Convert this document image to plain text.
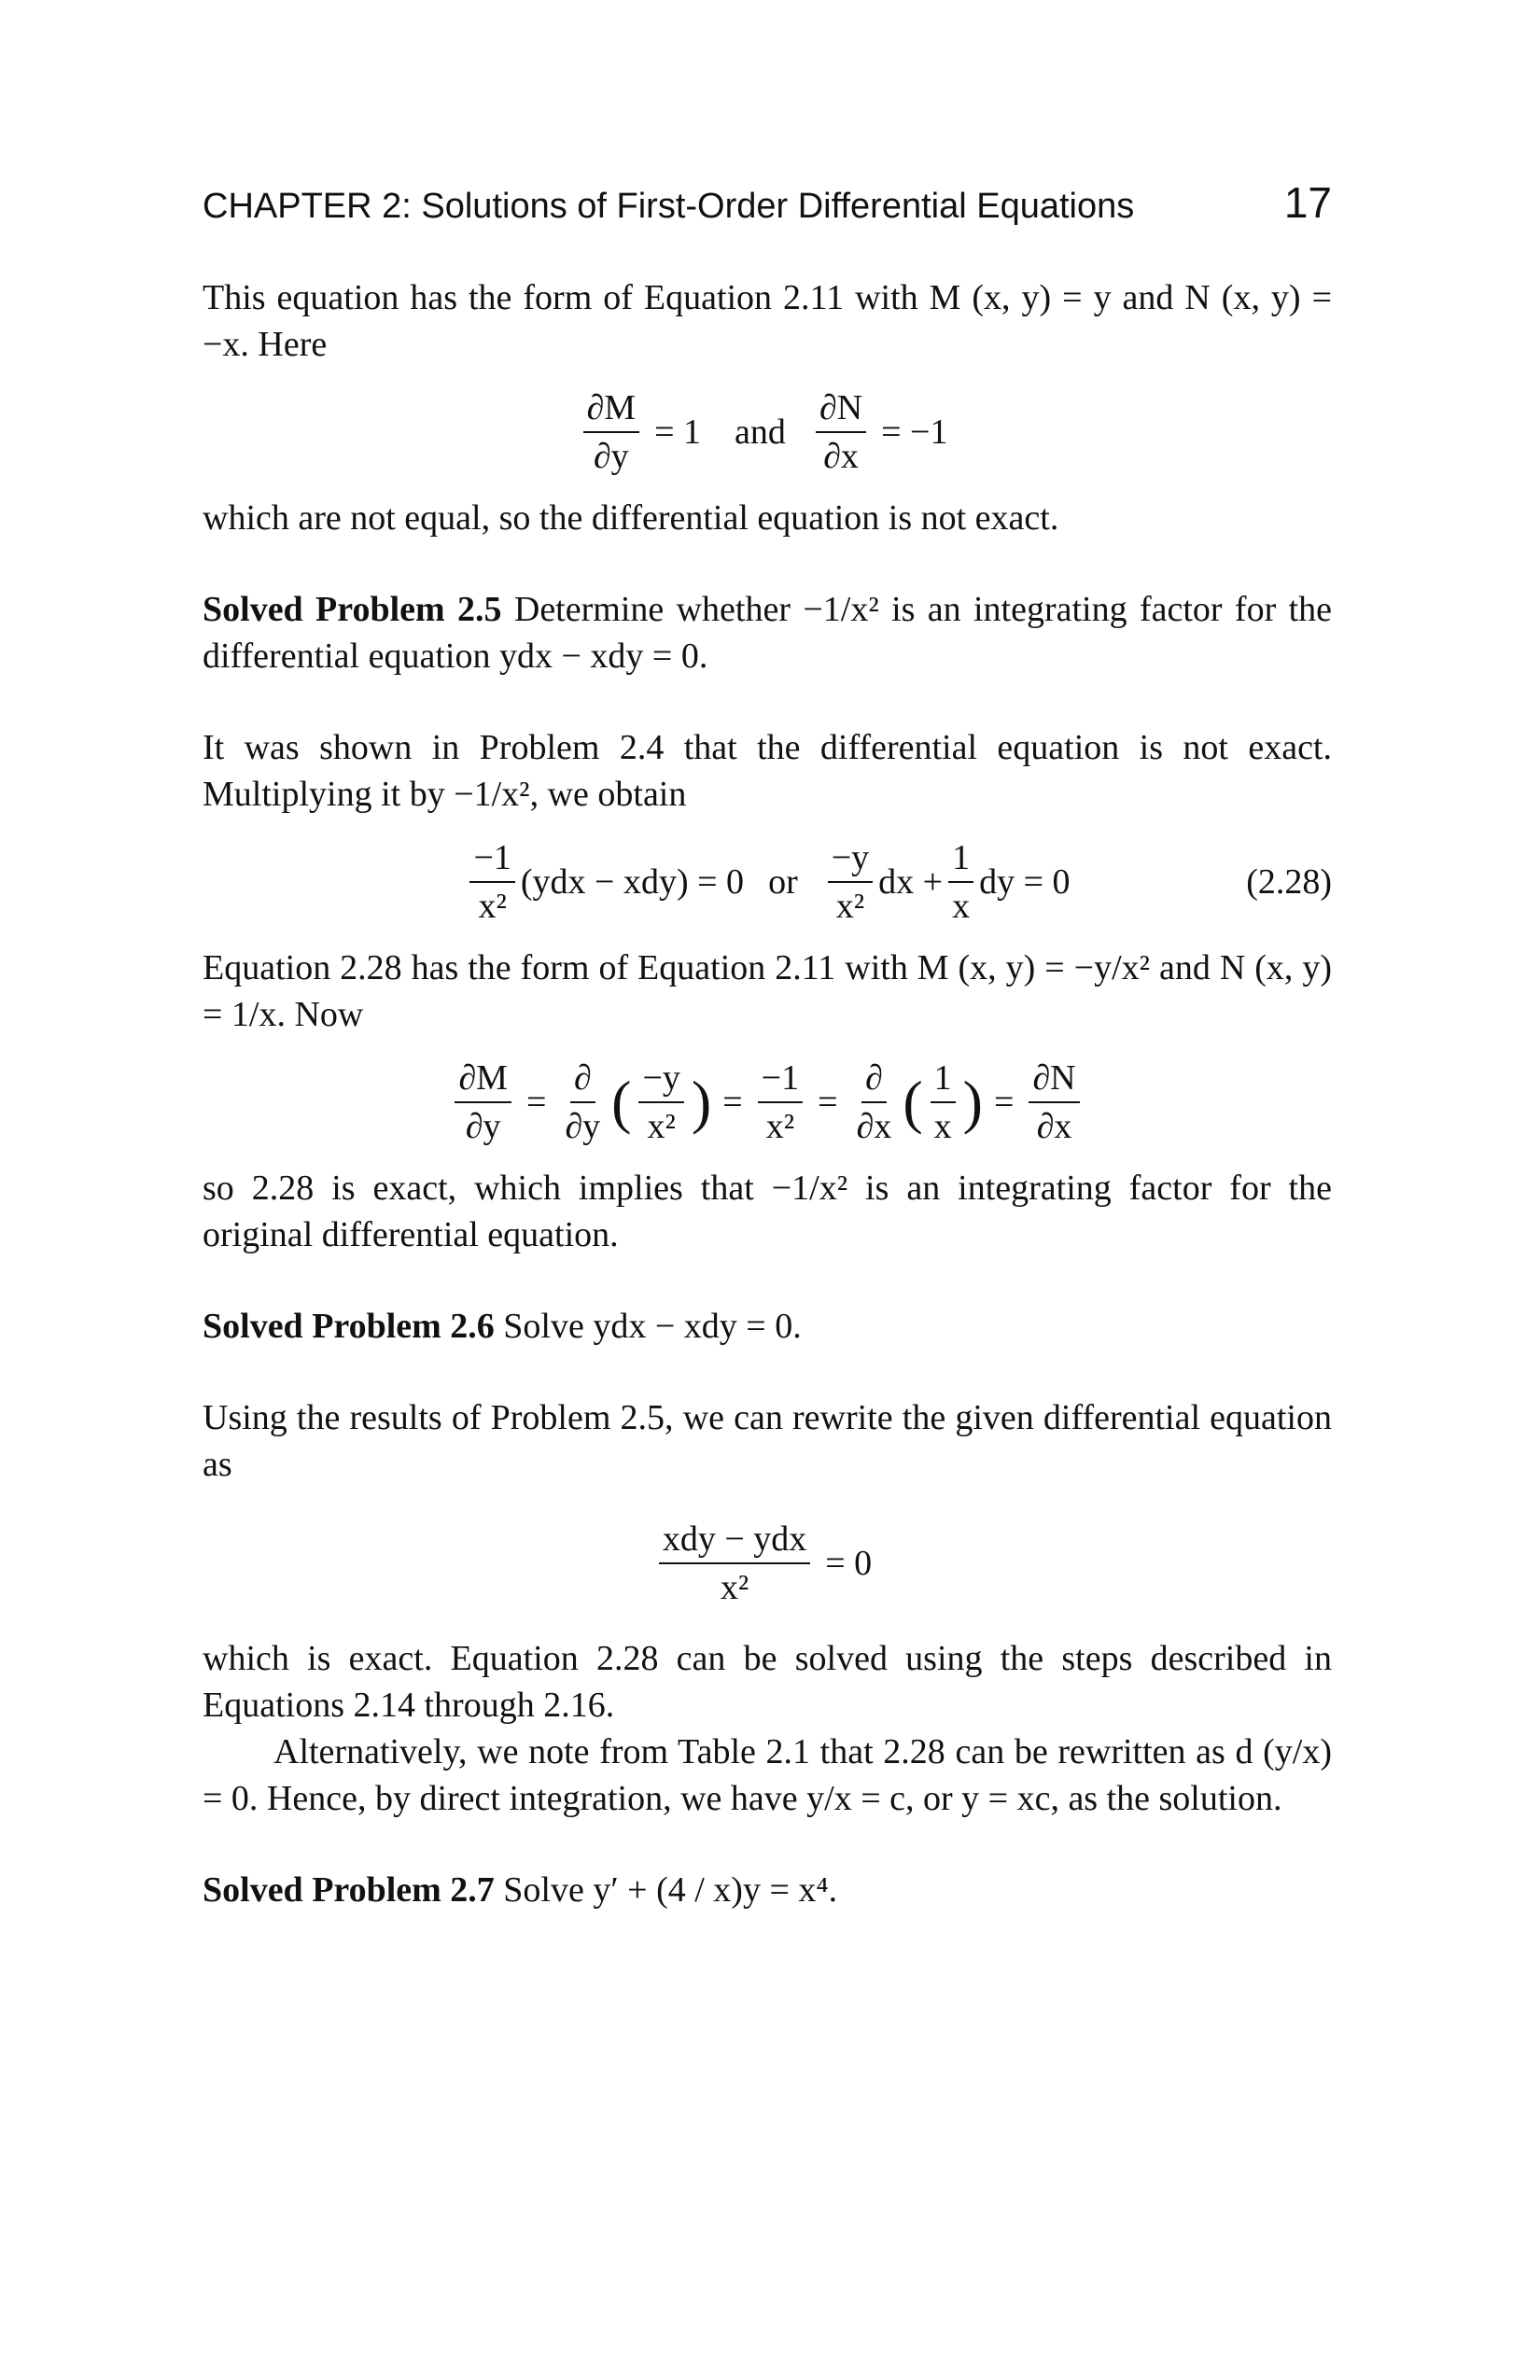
CHAPTER 2: Solutions of First-Order Differential Equations	17

This equation has the form of Equation 2.11 with M (x, y) = y and N (x, y) = −x. Here

$\frac{\partial M}{\partial y} = 1$ and $\frac{\partial N}{\partial x} = -1$

which are not equal, so the differential equation is not exact.

Solved Problem 2.5 Determine whether −1/x² is an integrating factor for the differential equation ydx − xdy = 0.

It was shown in Problem 2.4 that the differential equation is not exact. Multiplying it by −1/x², we obtain

$\frac{-1}{\text{x²}} (ydx - xdy) = 0$ or $\frac{-y}{\text{x²}}$ dx + $\frac{1}{x}$ dy = 0	(2.28)

Equation 2.28 has the form of Equation 2.11 with M (x, y) = −y/x² and N (x, y) = 1/x. Now

$\frac{\partial M}{\partial y} = \frac{\partial}{\partial y}$ ( $\frac{-y}{\text{x²}}$ ) = $\frac{-1}{\text{x²}} = \frac{\partial}{\partial x}$ ( $\frac{1}{x}$ ) = $\frac{\partial N}{\partial x}$

so 2.28 is exact, which implies that −1/x² is an integrating factor for the original differential equation.

Solved Problem 2.6 Solve ydx − xdy = 0.

Using the results of Problem 2.5, we can rewrite the given differential equation as

$\frac{\text{xdy − ydx}}{\text{x²}} = 0$

which is exact. Equation 2.28 can be solved using the steps described in Equations 2.14 through 2.16.

Alternatively, we note from Table 2.1 that 2.28 can be rewritten as d (y/x) = 0. Hence, by direct integration, we have y/x = c, or y = xc, as the solution.

Solved Problem 2.7 Solve y′ + (4 / x)y = x⁴.
